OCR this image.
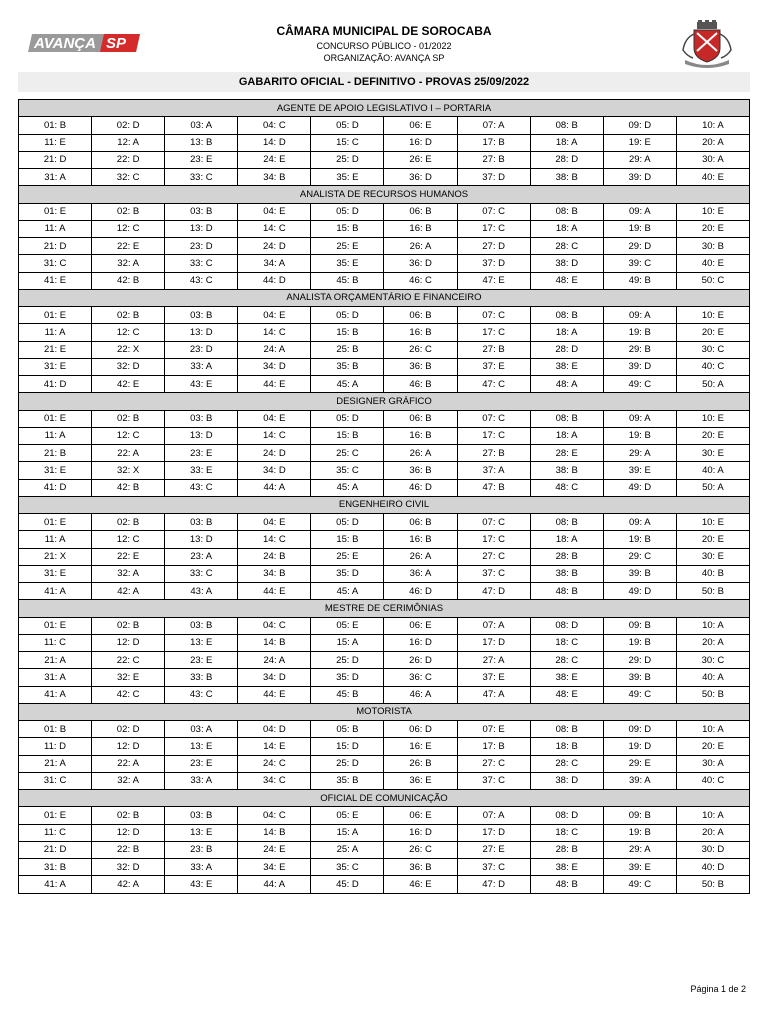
AVANÇA SP
CÂMARA MUNICIPAL DE SOROCABA
CONCURSO PÚBLICO - 01/2022
ORGANIZAÇÃO: AVANÇA SP
GABARITO OFICIAL - DEFINITIVO - PROVAS 25/09/2022
AGENTE DE APOIO LEGISLATIVO I – PORTARIA									
01: B	02: D	03: A	04: C	05: D	06: E	07: A	08: B	09: D	10: A
11: E	12: A	13: B	14: D	15: C	16: D	17: B	18: A	19: E	20: A
21: D	22: D	23: E	24: E	25: D	26: E	27: B	28: D	29: A	30: A
31: A	32: C	33: C	34: B	35: E	36: D	37: D	38: B	39: D	40: E
ANALISTA DE RECURSOS HUMANOS									
01: E	02: B	03: B	04: E	05: D	06: B	07: C	08: B	09: A	10: E
11: A	12: C	13: D	14: C	15: B	16: B	17: C	18: A	19: B	20: E
21: D	22: E	23: D	24: D	25: E	26: A	27: D	28: C	29: D	30: B
31: C	32: A	33: C	34: A	35: E	36: D	37: D	38: D	39: C	40: E
41: E	42: B	43: C	44: D	45: B	46: C	47: E	48: E	49: B	50: C
ANALISTA ORÇAMENTÁRIO E FINANCEIRO									
01: E	02: B	03: B	04: E	05: D	06: B	07: C	08: B	09: A	10: E
11: A	12: C	13: D	14: C	15: B	16: B	17: C	18: A	19: B	20: E
21: E	22: X	23: D	24: A	25: B	26: C	27: B	28: D	29: B	30: C
31: E	32: D	33: A	34: D	35: B	36: B	37: E	38: E	39: D	40: C
41: D	42: E	43: E	44: E	45: A	46: B	47: C	48: A	49: C	50: A
DESIGNER GRÁFICO									
01: E	02: B	03: B	04: E	05: D	06: B	07: C	08: B	09: A	10: E
11: A	12: C	13: D	14: C	15: B	16: B	17: C	18: A	19: B	20: E
21: B	22: A	23: E	24: D	25: C	26: A	27: B	28: E	29: A	30: E
31: E	32: X	33: E	34: D	35: C	36: B	37: A	38: B	39: E	40: A
41: D	42: B	43: C	44: A	45: A	46: D	47: B	48: C	49: D	50: A
ENGENHEIRO CIVIL									
01: E	02: B	03: B	04: E	05: D	06: B	07: C	08: B	09: A	10: E
11: A	12: C	13: D	14: C	15: B	16: B	17: C	18: A	19: B	20: E
21: X	22: E	23: A	24: B	25: E	26: A	27: C	28: B	29: C	30: E
31: E	32: A	33: C	34: B	35: D	36: A	37: C	38: B	39: B	40: B
41: A	42: A	43: A	44: E	45: A	46: D	47: D	48: B	49: D	50: B
MESTRE DE CERIMÔNIAS									
01: E	02: B	03: B	04: C	05: E	06: E	07: A	08: D	09: B	10: A
11: C	12: D	13: E	14: B	15: A	16: D	17: D	18: C	19: B	20: A
21: A	22: C	23: E	24: A	25: D	26: D	27: A	28: C	29: D	30: C
31: A	32: E	33: B	34: D	35: D	36: C	37: E	38: E	39: B	40: A
41: A	42: C	43: C	44: E	45: B	46: A	47: A	48: E	49: C	50: B
MOTORISTA									
01: B	02: D	03: A	04: D	05: B	06: D	07: E	08: B	09: D	10: A
11: D	12: D	13: E	14: E	15: D	16: E	17: B	18: B	19: D	20: E
21: A	22: A	23: E	24: C	25: D	26: B	27: C	28: C	29: E	30: A
31: C	32: A	33: A	34: C	35: B	36: E	37: C	38: D	39: A	40: C
OFICIAL DE COMUNICAÇÃO									
01: E	02: B	03: B	04: C	05: E	06: E	07: A	08: D	09: B	10: A
11: C	12: D	13: E	14: B	15: A	16: D	17: D	18: C	19: B	20: A
21: D	22: B	23: B	24: E	25: A	26: C	27: E	28: B	29: A	30: D
31: B	32: D	33: A	34: E	35: C	36: B	37: C	38: E	39: E	40: D
41: A	42: A	43: E	44: A	45: D	46: E	47: D	48: B	49: C	50: B
Página 1 de 2
